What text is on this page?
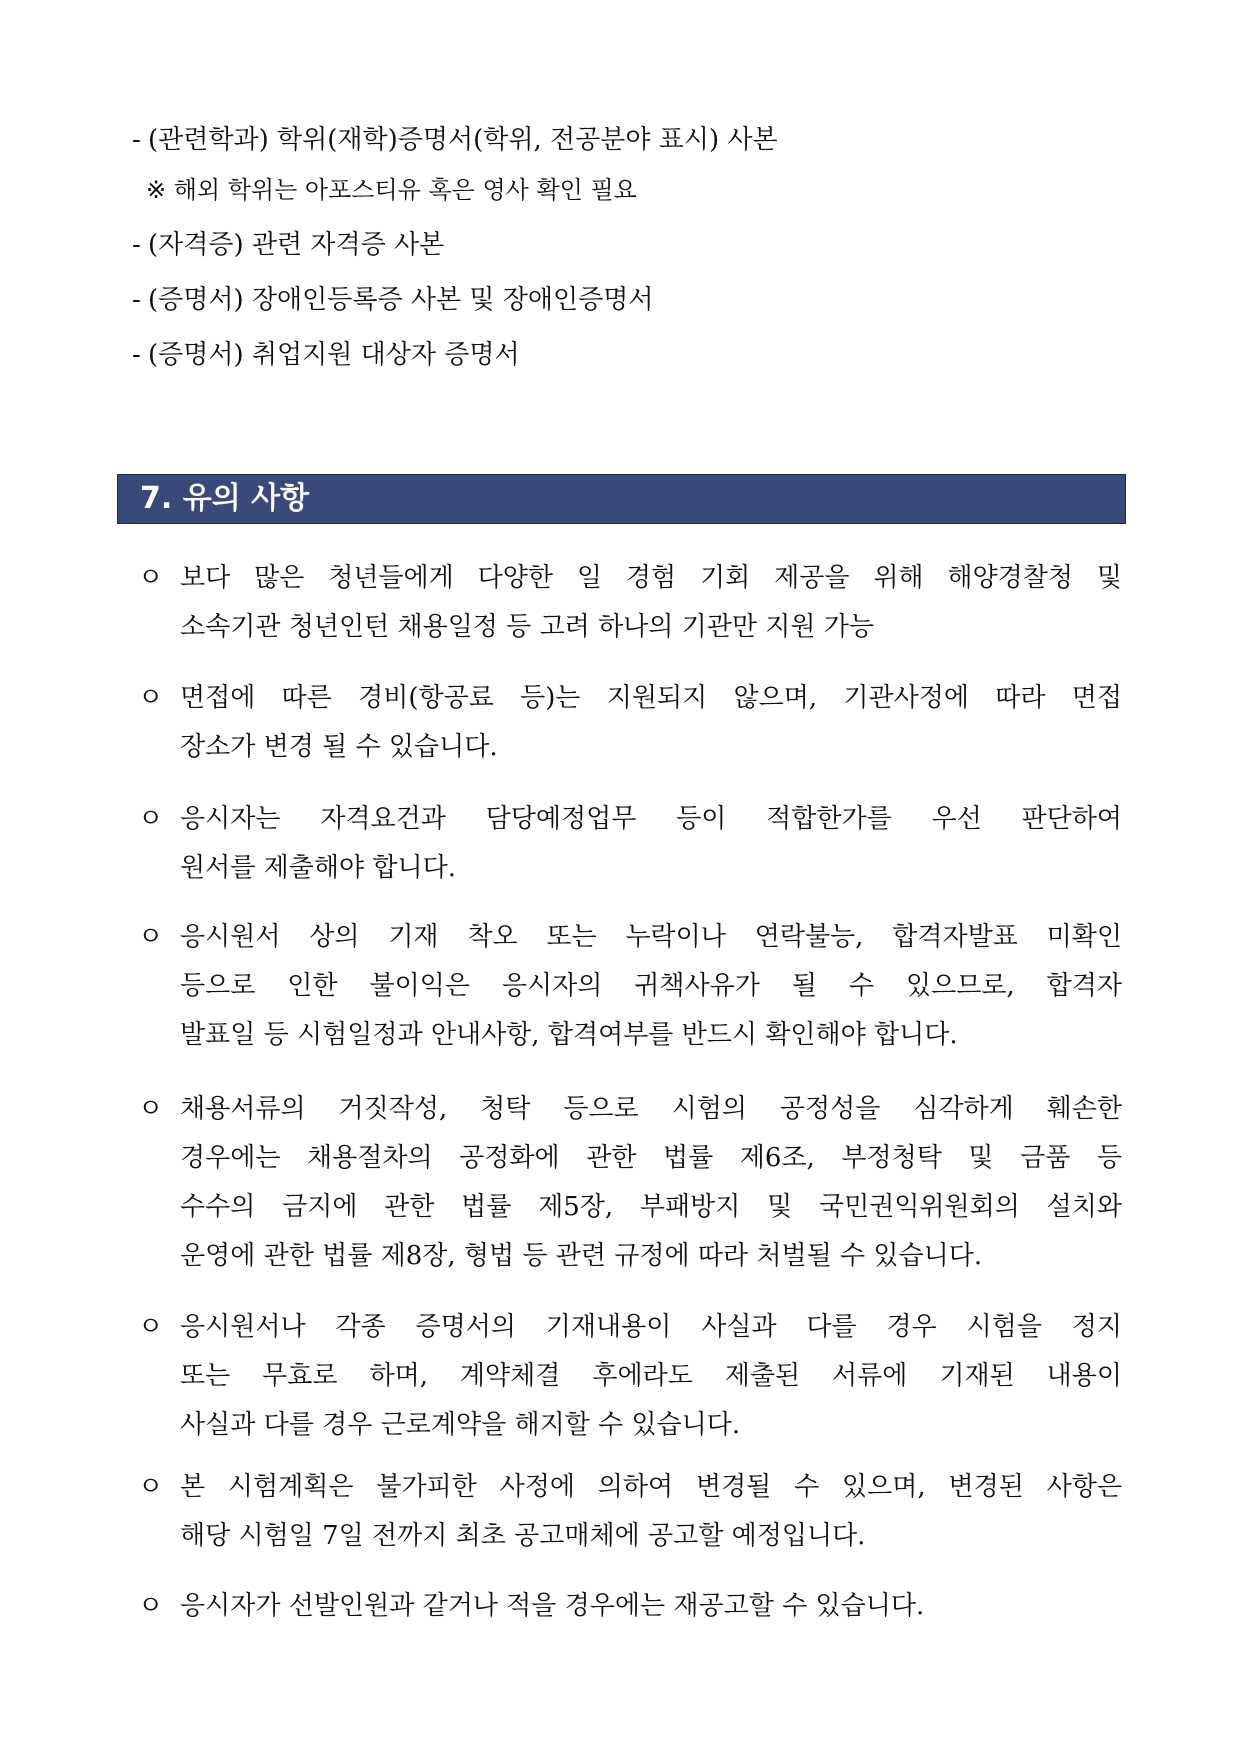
- (관련학과) 학위(재학)증명서(학위, 전공분야 표시) 사본
※ 해외 학위는 아포스티유 혹은 영사 확인 필요
- (자격증) 관련 자격증 사본
- (증명서) 장애인등록증 사본 및 장애인증명서
- (증명서) 취업지원 대상자 증명서
7. 유의 사항
ㅇ 보다 많은 청년들에게 다양한 일 경험 기회 제공을 위해 해양경찰청 및
소속기관 청년인턴 채용일정 등 고려 하나의 기관만 지원 가능
ㅇ 면접에 따른 경비(항공료 등)는 지원되지 않으며, 기관사정에 따라 면접
장소가 변경 될 수 있습니다.
ㅇ 응시자는 자격요건과 담당예정업무 등이 적합한가를 우선 판단하여
원서를 제출해야 합니다.
ㅇ 응시원서 상의 기재 착오 또는 누락이나 연락불능, 합격자발표 미확인
등으로 인한 불이익은 응시자의 귀책사유가 될 수 있으므로, 합격자
발표일 등 시험일정과 안내사항, 합격여부를 반드시 확인해야 합니다.
ㅇ 채용서류의 거짓작성, 청탁 등으로 시험의 공정성을 심각하게 훼손한
경우에는 채용절차의 공정화에 관한 법률 제6조, 부정청탁 및 금품 등
수수의 금지에 관한 법률 제5장, 부패방지 및 국민권익위원회의 설치와
운영에 관한 법률 제8장, 형법 등 관련 규정에 따라 처벌될 수 있습니다.
ㅇ 응시원서나 각종 증명서의 기재내용이 사실과 다를 경우 시험을 정지
또는 무효로 하며, 계약체결 후에라도 제출된 서류에 기재된 내용이
사실과 다를 경우 근로계약을 해지할 수 있습니다.
ㅇ 본 시험계획은 불가피한 사정에 의하여 변경될 수 있으며, 변경된 사항은
해당 시험일 7일 전까지 최초 공고매체에 공고할 예정입니다.
ㅇ 응시자가 선발인원과 같거나 적을 경우에는 재공고할 수 있습니다.
